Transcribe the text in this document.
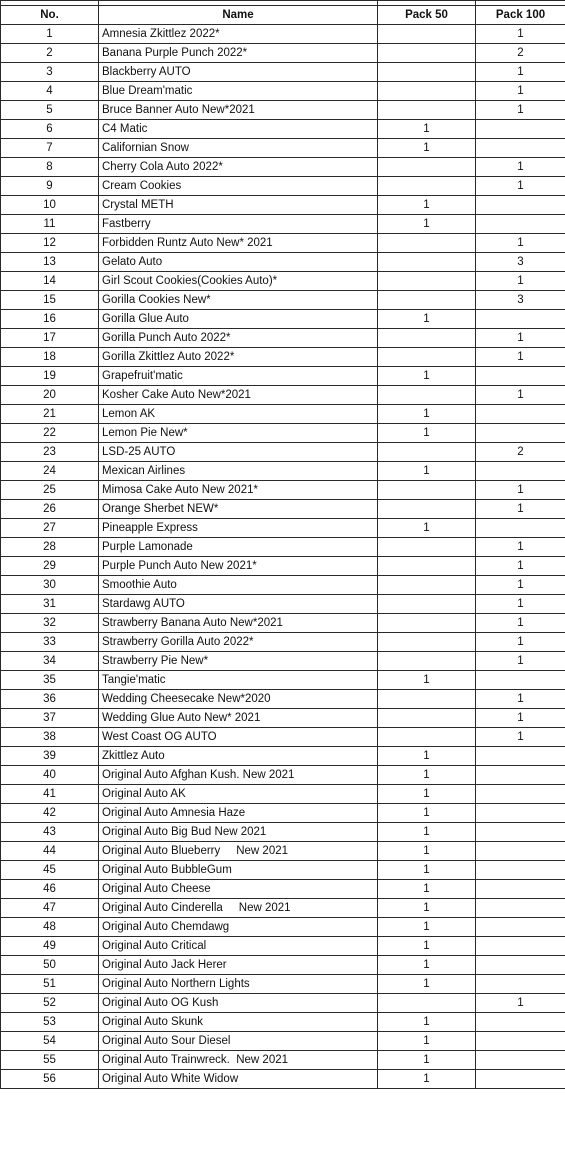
No.	Name	Pack 50	Pack 100
1	Amnesia Zkittlez 2022*		1
2	Banana Purple Punch 2022*		2
3	Blackberry AUTO		1
4	Blue Dream'matic		1
5	Bruce Banner Auto New*2021		1
6	C4 Matic	1	
7	Californian Snow	1	
8	Cherry Cola Auto 2022*		1
9	Cream Cookies		1
10	Crystal METH	1	
11	Fastberry	1	
12	Forbidden Runtz Auto New* 2021		1
13	Gelato Auto		3
14	Girl Scout Cookies(Cookies Auto)*		1
15	Gorilla Cookies New*		3
16	Gorilla Glue Auto	1	
17	Gorilla Punch Auto 2022*		1
18	Gorilla Zkittlez Auto 2022*		1
19	Grapefruit'matic	1	
20	Kosher Cake Auto New*2021		1
21	Lemon AK	1	
22	Lemon Pie New*	1	
23	LSD-25 AUTO		2
24	Mexican Airlines	1	
25	Mimosa Cake Auto New 2021*		1
26	Orange Sherbet NEW*		1
27	Pineapple Express	1	
28	Purple Lamonade		1
29	Purple Punch Auto New 2021*		1
30	Smoothie Auto		1
31	Stardawg AUTO		1
32	Strawberry Banana Auto New*2021		1
33	Strawberry Gorilla Auto 2022*		1
34	Strawberry Pie New*		1
35	Tangie'matic	1	
36	Wedding Cheesecake New*2020		1
37	Wedding Glue Auto New* 2021		1
38	West Coast OG AUTO		1
39	Zkittlez Auto	1	
40	Original Auto Afghan Kush. New 2021	1	
41	Original Auto AK	1	
42	Original Auto Amnesia Haze	1	
43	Original Auto Big Bud New 2021	1	
44	Original Auto Blueberry     New 2021	1	
45	Original Auto BubbleGum	1	
46	Original Auto Cheese	1	
47	Original Auto Cinderella     New 2021	1	
48	Original Auto Chemdawg	1	
49	Original Auto Critical	1	
50	Original Auto Jack Herer	1	
51	Original Auto Northern Lights	1	
52	Original Auto OG Kush		1
53	Original Auto Skunk	1	
54	Original Auto Sour Diesel	1	
55	Original Auto Trainwreck.  New 2021	1	
56	Original Auto White Widow	1	
